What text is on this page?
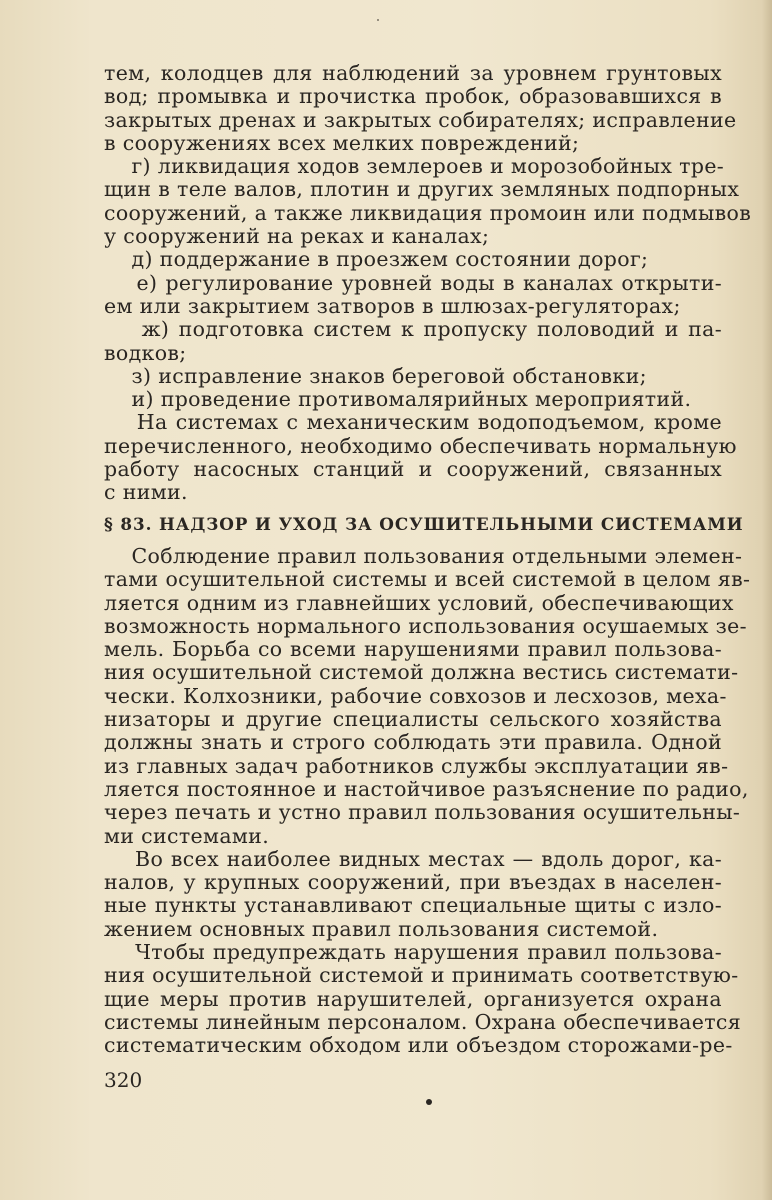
тем, колодцев для наблюдений за уровнем грунтовых
вод; промывка и прочистка пробок, образовавшихся в
закрытых дренах и закрытых собирателях; исправление
в сооружениях всех мелких повреждений;
г) ликвидация ходов землероев и морозобойных тре-
щин в теле валов, плотин и других земляных подпорных
сооружений, а также ликвидация промоин или подмывов
у сооружений на реках и каналах;
д) поддержание в проезжем состоянии дорог;
е) регулирование уровней воды в каналах открыти-
ем или закрытием затворов в шлюзах-регуляторах;
ж) подготовка систем к пропуску половодий и па-
водков;
з) исправление знаков береговой обстановки;
и) проведение противомалярийных мероприятий.
На системах с механическим водоподъемом, кроме
перечисленного, необходимо обеспечивать нормальную
работу насосных станций и сооружений, связанных
с ними.
§ 83. НАДЗОР И УХОД ЗА ОСУШИТЕЛЬНЫМИ СИСТЕМАМИ
Соблюдение правил пользования отдельными элемен-
тами осушительной системы и всей системой в целом яв-
ляется одним из главнейших условий, обеспечивающих
возможность нормального использования осушаемых зе-
мель. Борьба со всеми нарушениями правил пользова-
ния осушительной системой должна вестись системати-
чески. Колхозники, рабочие совхозов и лесхозов, меха-
низаторы и другие специалисты сельского хозяйства
должны знать и строго соблюдать эти правила. Одной
из главных задач работников службы эксплуатации яв-
ляется постоянное и настойчивое разъяснение по радио,
через печать и устно правил пользования осушительны-
ми системами.
Во всех наиболее видных местах — вдоль дорог, ка-
налов, у крупных сооружений, при въездах в населен-
ные пункты устанавливают специальные щиты с изло-
жением основных правил пользования системой.
Чтобы предупреждать нарушения правил пользова-
ния осушительной системой и принимать соответствую-
щие меры против нарушителей, организуется охрана
системы линейным персоналом. Охрана обеспечивается
систематическим обходом или объездом сторожами-ре-
320
